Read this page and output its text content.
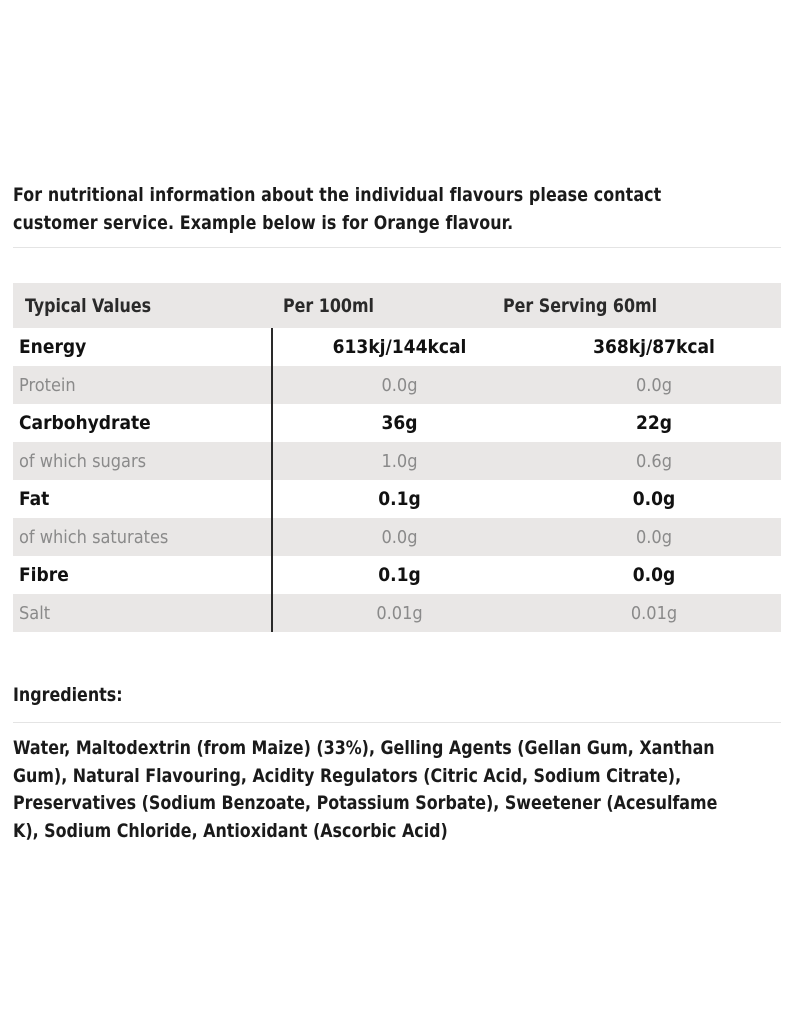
For nutritional information about the individual flavours please contact
customer service. Example below is for Orange flavour.
Typical Values	Per 100ml	Per Serving 60ml
Energy	613kj/144kcal	368kj/87kcal
Protein	0.0g	0.0g
Carbohydrate	36g	22g
of which sugars	1.0g	0.6g
Fat	0.1g	0.0g
of which saturates	0.0g	0.0g
Fibre	0.1g	0.0g
Salt	0.01g	0.01g
Ingredients:
Water, Maltodextrin (from Maize) (33%), Gelling Agents (Gellan Gum, Xanthan
Gum), Natural Flavouring, Acidity Regulators (Citric Acid, Sodium Citrate),
Preservatives (Sodium Benzoate, Potassium Sorbate), Sweetener (Acesulfame
K), Sodium Chloride, Antioxidant (Ascorbic Acid)
